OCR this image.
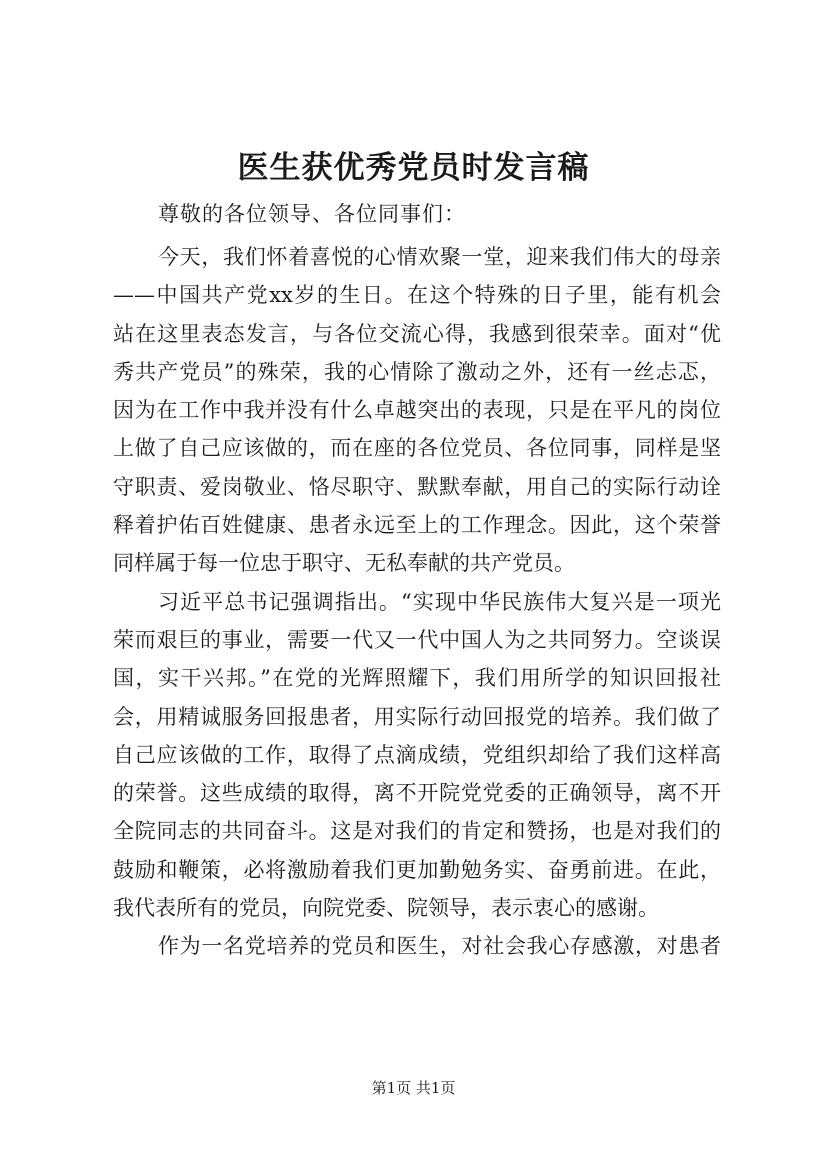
医生获优秀党员时发言稿
尊敬的各位领导、各位同事们：

今天，我们怀着喜悦的心情欢聚一堂，迎来我们伟大的母亲
——中国共产党xx岁的生日。在这个特殊的日子里，能有机会
站在这里表态发言，与各位交流心得，我感到很荣幸。面对“优
秀共产党员”的殊荣，我的心情除了激动之外，还有一丝忐忑，
因为在工作中我并没有什么卓越突出的表现，只是在平凡的岗位
上做了自己应该做的，而在座的各位党员、各位同事，同样是坚
守职责、爱岗敬业、恪尽职守、默默奉献，用自己的实际行动诠
释着护佑百姓健康、患者永远至上的工作理念。因此，这个荣誉
同样属于每一位忠于职守、无私奉献的共产党员。

习近平总书记强调指出。“实现中华民族伟大复兴是一项光
荣而艰巨的事业，需要一代又一代中国人为之共同努力。空谈误
国，实干兴邦。”在党的光辉照耀下，我们用所学的知识回报社
会，用精诚服务回报患者，用实际行动回报党的培养。我们做了
自己应该做的工作，取得了点滴成绩，党组织却给了我们这样高
的荣誉。这些成绩的取得，离不开院党党委的正确领导，离不开
全院同志的共同奋斗。这是对我们的肯定和赞扬，也是对我们的
鼓励和鞭策，必将激励着我们更加勤勉务实、奋勇前进。在此，
我代表所有的党员，向院党委、院领导，表示衷心的感谢。

作为一名党培养的党员和医生，对社会我心存感激，对患者

第1页 共1页
